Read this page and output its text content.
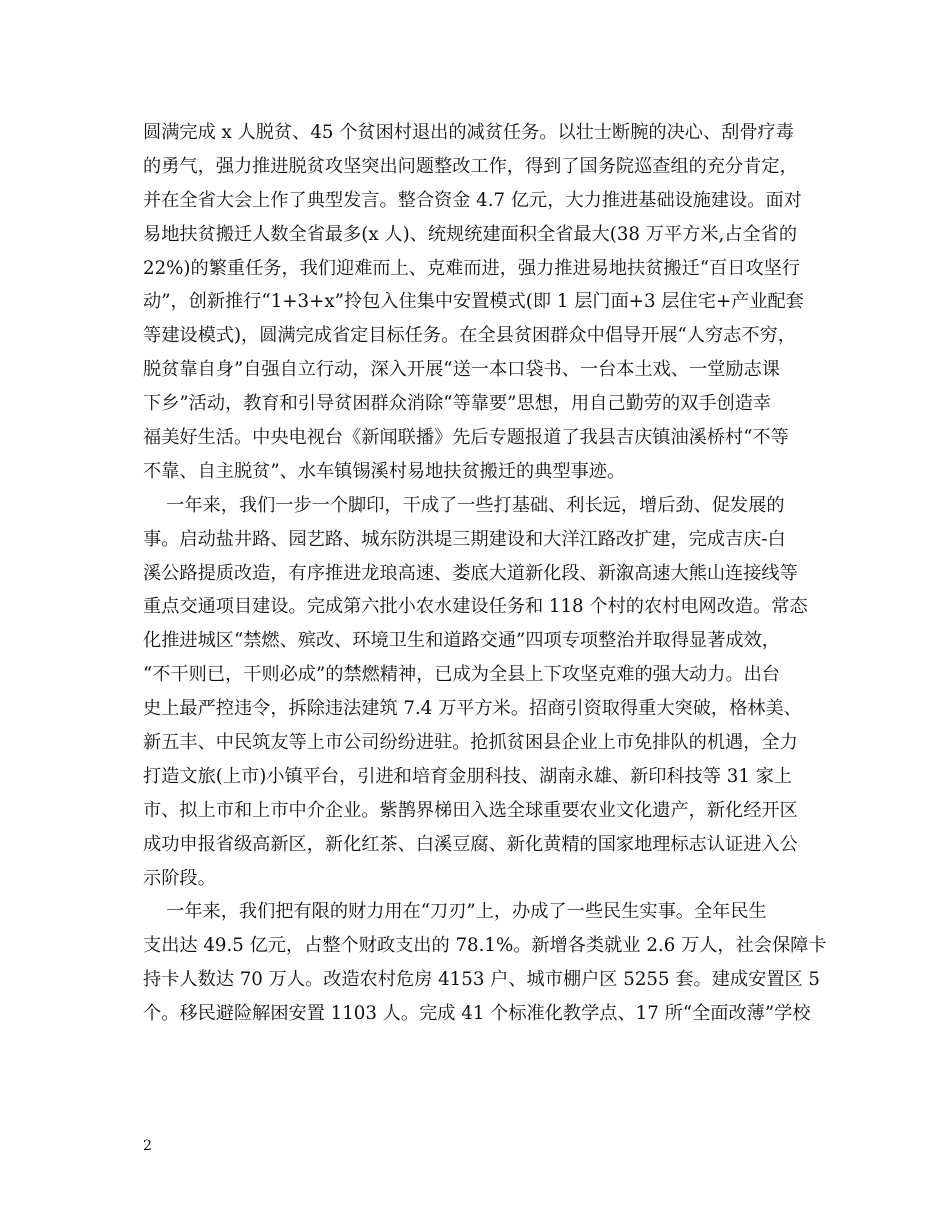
圆满完成 x 人脱贫、45 个贫困村退出的减贫任务。以壮士断腕的决心、刮骨疗毒
的勇气，强力推进脱贫攻坚突出问题整改工作，得到了国务院巡查组的充分肯定，
并在全省大会上作了典型发言。整合资金 4.7 亿元，大力推进基础设施建设。面对
易地扶贫搬迁人数全省最多(x 人)、统规统建面积全省最大(38 万平方米,占全省的
22%)的繁重任务，我们迎难而上、克难而进，强力推进易地扶贫搬迁“百日攻坚行
动”，创新推行“1+3+x”拎包入住集中安置模式(即 1 层门面+3 层住宅+产业配套
等建设模式)，圆满完成省定目标任务。在全县贫困群众中倡导开展“人穷志不穷，
脱贫靠自身”自强自立行动，深入开展“送一本口袋书、一台本土戏、一堂励志课
下乡”活动，教育和引导贫困群众消除“等靠要”思想，用自己勤劳的双手创造幸
福美好生活。中央电视台《新闻联播》先后专题报道了我县吉庆镇油溪桥村“不等
不靠、自主脱贫”、水车镇锡溪村易地扶贫搬迁的典型事迹。
一年来，我们一步一个脚印，干成了一些打基础、利长远，增后劲、促发展的
事。启动盐井路、园艺路、城东防洪堤三期建设和大洋江路改扩建，完成吉庆-白
溪公路提质改造，有序推进龙琅高速、娄底大道新化段、新溆高速大熊山连接线等
重点交通项目建设。完成第六批小农水建设任务和 118 个村的农村电网改造。常态
化推进城区“禁燃、殡改、环境卫生和道路交通”四项专项整治并取得显著成效，
“不干则已，干则必成”的禁燃精神，已成为全县上下攻坚克难的强大动力。出台
史上最严控违令，拆除违法建筑 7.4 万平方米。招商引资取得重大突破，格林美、
新五丰、中民筑友等上市公司纷纷进驻。抢抓贫困县企业上市免排队的机遇，全力
打造文旅(上市)小镇平台，引进和培育金朋科技、湖南永雄、新印科技等 31 家上
市、拟上市和上市中介企业。紫鹊界梯田入选全球重要农业文化遗产，新化经开区
成功申报省级高新区，新化红茶、白溪豆腐、新化黄精的国家地理标志认证进入公
示阶段。
一年来，我们把有限的财力用在“刀刃”上，办成了一些民生实事。全年民生
支出达 49.5 亿元，占整个财政支出的 78.1%。新增各类就业 2.6 万人，社会保障卡
持卡人数达 70 万人。改造农村危房 4153 户、城市棚户区 5255 套。建成安置区 5
个。移民避险解困安置 1103 人。完成 41 个标准化教学点、17 所“全面改薄”学校
2
